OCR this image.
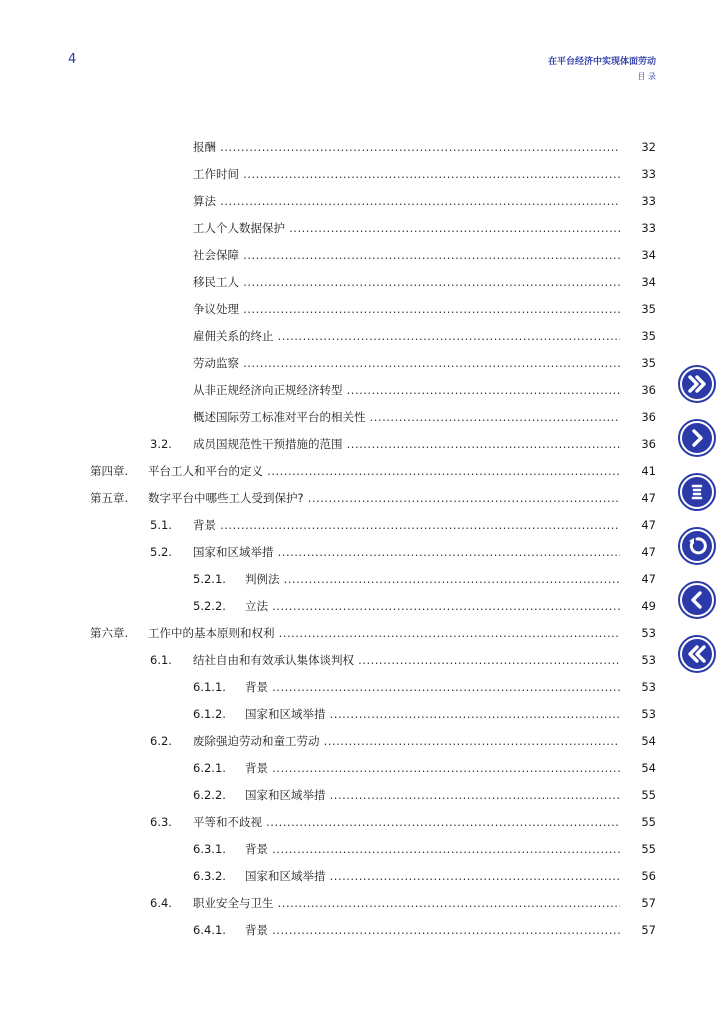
4	在平台经济中实现体面劳动
目 录
报酬 .....	32
工作时间 .....	33
算法 .....	33
工人个人数据保护 .....	33
社会保障 .....	34
移民工人 .....	34
争议处理 .....	35
雇佣关系的终止 .....	35
劳动监察 .....	35
从非正规经济向正规经济转型 .....	36
概述国际劳工标准对平台的相关性 .....	36
3.2. 成员国规范性干预措施的范围 .....	36
第四章. 平台工人和平台的定义 .....	41
第五章. 数字平台中哪些工人受到保护? .....	47
5.1. 背景 .....	47
5.2. 国家和区域举措 .....	47
5.2.1. 判例法 .....	47
5.2.2. 立法 .....	49
第六章. 工作中的基本原则和权利 .....	53
6.1. 结社自由和有效承认集体谈判权 .....	53
6.1.1. 背景 .....	53
6.1.2. 国家和区域举措 .....	53
6.2. 废除强迫劳动和童工劳动 .....	54
6.2.1. 背景 .....	54
6.2.2. 国家和区域举措 .....	55
6.3. 平等和不歧视 .....	55
6.3.1. 背景 .....	55
6.3.2. 国家和区域举措 .....	56
6.4. 职业安全与卫生 .....	57
6.4.1. 背景 .....	57
